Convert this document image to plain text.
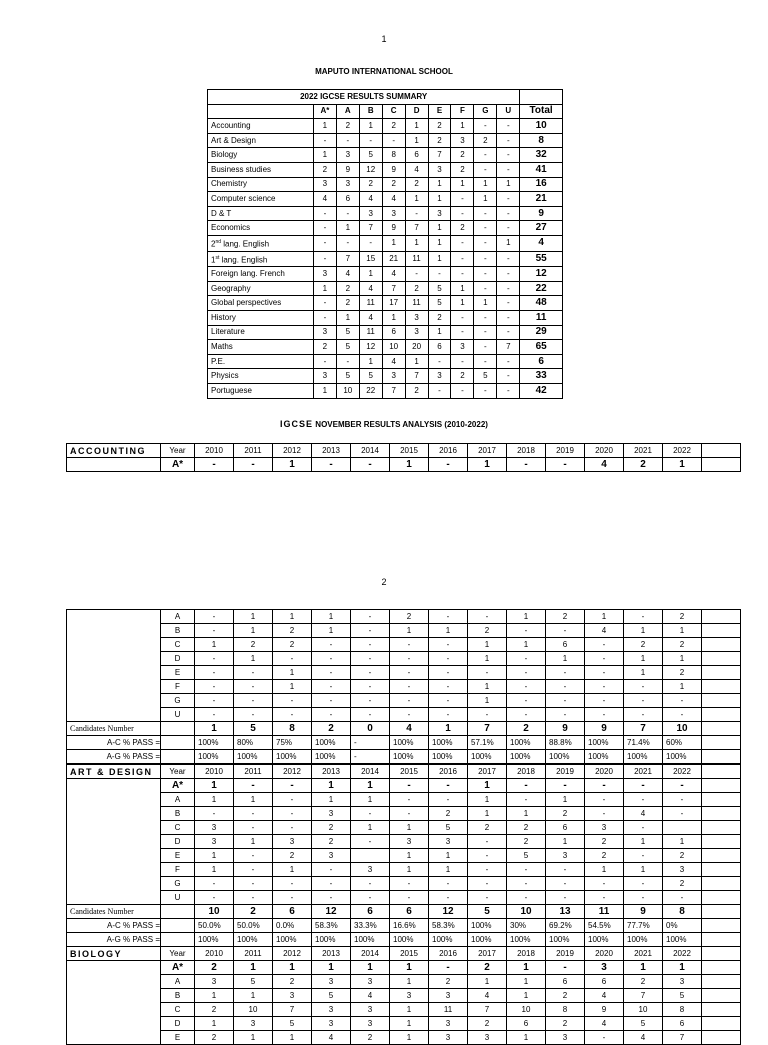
1
MAPUTO INTERNATIONAL SCHOOL
2022 IGCSE RESULTS SUMMARY										
	A*	A	B	C	D	E	F	G	U	Total
Accounting	1	2	1	2	1	2	1	-	-	10
Art & Design	-	-	-	-	1	2	3	2	-	8
Biology	1	3	5	8	6	7	2	-	-	32
Business studies	2	9	12	9	4	3	2	-	-	41
Chemistry	3	3	2	2	2	1	1	1	1	16
Computer science	4	6	4	4	1	1	-	1	-	21
D & T	-	-	3	3	-	3	-	-	-	9
Economics	-	1	7	9	7	1	2	-	-	27
2nd lang. English	-	-	-	1	1	1	-	-	1	4
1st lang. English	-	7	15	21	11	1	-	-	-	55
Foreign lang. French	3	4	1	4	-	-	-	-	-	12
Geography	1	2	4	7	2	5	1	-	-	22
Global perspectives	-	2	11	17	11	5	1	1	-	48
History	-	1	4	1	3	2	-	-	-	11
Literature	3	5	11	6	3	1	-	-	-	29
Maths	2	5	12	10	20	6	3	-	7	65
P.E.	-	-	1	4	1	-	-	-	-	6
Physics	3	5	5	3	7	3	2	5	-	33
Portuguese	1	10	22	7	2	-	-	-	-	42
IGCSE NOVEMBER RESULTS ANALYSIS (2010-2022)
ACCOUNTING	Year	2010	2011	2012	2013	2014	2015	2016	2017	2018	2019	2020	2021	2022	
	A*	-	-	1	-	-	1	-	1	-	-	4	2	1	
2
	A	-	1	1	1	-	2	-	-	1	2	1	-	2	
	B	-	1	2	1	-	1	1	2	-	-	4	1	1	
	C	1	2	2	-	-	-	-	1	1	6	-	2	2	
	D	-	1	-	-	-	-	-	1	-	1	-	1	1	
	E	-	-	1	-	-	-	-	-	-	-	-	1	2	
	F	-	-	1	-	-	-	-	1	-	-	-	-	1	
	G	-	-	-	-	-	-	-	1	-	-	-	-	-	
	U	-	-	-	-	-	-	-	-	-	-	-	-	-	
Candidates Number		1	5	8	2	0	4	1	7	2	9	9	7	10	
A-C % PASS =		100%	80%	75%	100%	-	100%	100%	57.1%	100%	88.8%	100%	71.4%	60%	
A-G % PASS =		100%	100%	100%	100%	-	100%	100%	100%	100%	100%	100%	100%	100%	
ART & DESIGN	Year	2010	2011	2012	2013	2014	2015	2016	2017	2018	2019	2020	2021	2022	
	A*	1	-	-	1	1	-	-	1	-	-	-	-	-	
	A	1	1	-	1	1	-	-	1	-	1	-	-	-	
	B	-	-	-	3	-	-	2	1	1	2	-	4	-	
	C	3	-	-	2	1	1	5	2	2	6	3	-		
	D	3	1	3	2	-	3	3	-	2	1	2	1	1	
	E	1	-	2	3		1	1	-	5	3	2	-	2	
	F	1	-	1	-	3	1	1	-	-	-	1	1	3	
	G	-	-	-	-	-	-	-	-	-	-	-	-	2	
	U	-	-	-	-	-	-	-	-	-	-	-	-	-	
Candidates Number		10	2	6	12	6	6	12	5	10	13	11	9	8	
A-C % PASS =		50.0%	50.0%	0.0%	58.3%	33.3%	16.6%	58.3%	100%	30%	69.2%	54.5%	77.7%	0%	
A-G % PASS =		100%	100%	100%	100%	100%	100%	100%	100%	100%	100%	100%	100%	100%	
BIOLOGY	Year	2010	2011	2012	2013	2014	2015	2016	2017	2018	2019	2020	2021	2022	
	A*	2	1	1	1	1	1	-	2	1	-	3	1	1	
	A	3	5	2	3	3	1	2	1	1	6	6	2	3	
	B	1	1	3	5	4	3	3	4	1	2	4	7	5	
	C	2	10	7	3	3	1	11	7	10	8	9	10	8	
	D	1	3	5	3	3	1	3	2	6	2	4	5	6	
	E	2	1	1	4	2	1	3	3	1	3	-	4	7	
